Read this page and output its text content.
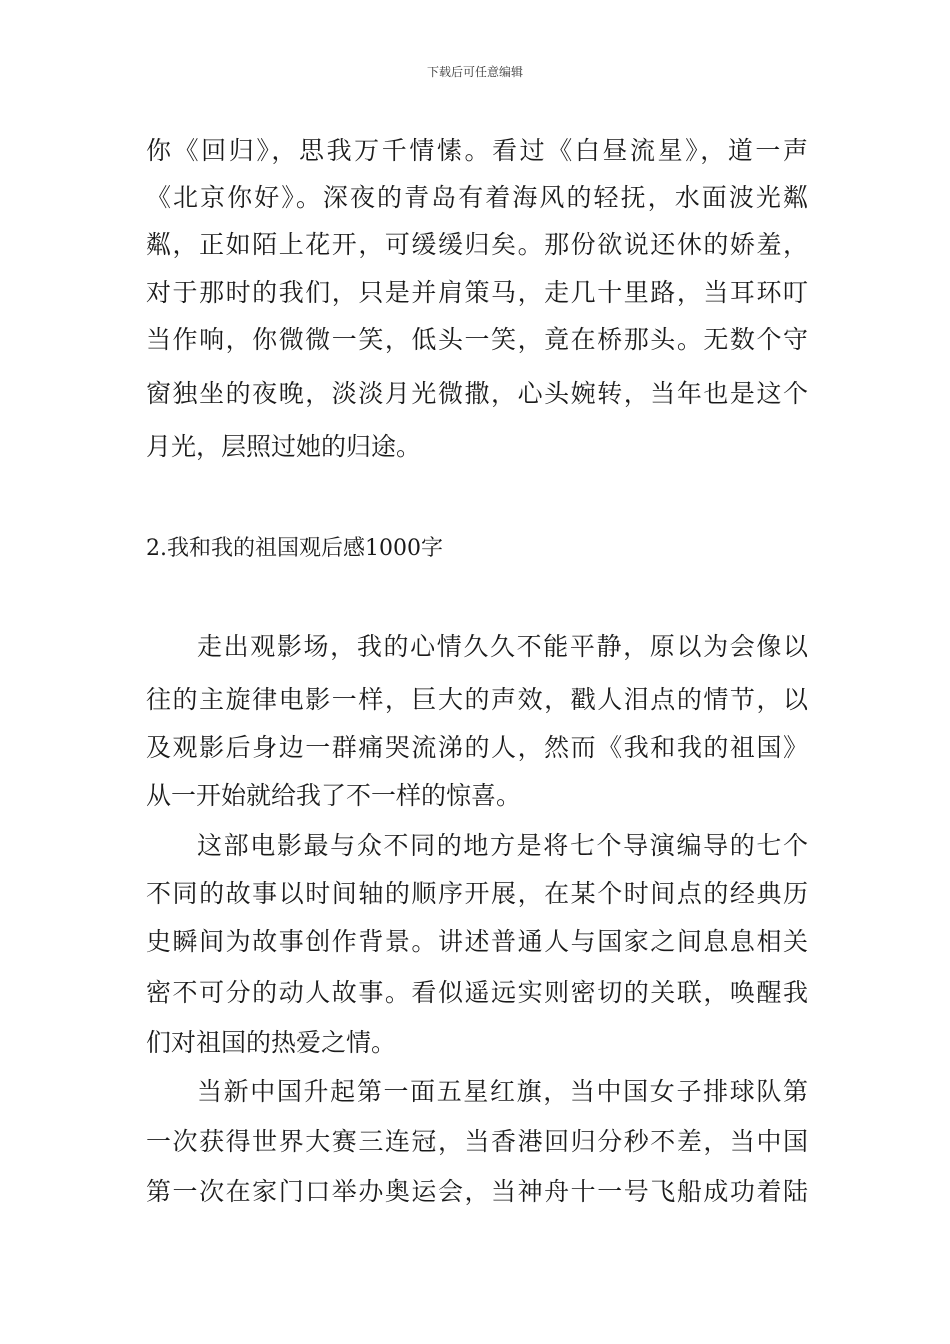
下载后可任意编辑
你《回归》，思我万千情愫。看过《白昼流星》，道一声
《北京你好》。深夜的青岛有着海风的轻抚，水面波光粼
粼，正如陌上花开，可缓缓归矣。那份欲说还休的娇羞，
对于那时的我们，只是并肩策马，走几十里路，当耳环叮
当作响，你微微一笑，低头一笑，竟在桥那头。无数个守
窗独坐的夜晚，淡淡月光微撒，心头婉转，当年也是这个
月光，层照过她的归途。
2.我和我的祖国观后感1000字
走出观影场，我的心情久久不能平静，原以为会像以
往的主旋律电影一样，巨大的声效，戳人泪点的情节，以
及观影后身边一群痛哭流涕的人，然而《我和我的祖国》
从一开始就给我了不一样的惊喜。
这部电影最与众不同的地方是将七个导演编导的七个
不同的故事以时间轴的顺序开展，在某个时间点的经典历
史瞬间为故事创作背景。讲述普通人与国家之间息息相关
密不可分的动人故事。看似遥远实则密切的关联，唤醒我
们对祖国的热爱之情。
当新中国升起第一面五星红旗，当中国女子排球队第
一次获得世界大赛三连冠，当香港回归分秒不差，当中国
第一次在家门口举办奥运会，当神舟十一号飞船成功着陆
